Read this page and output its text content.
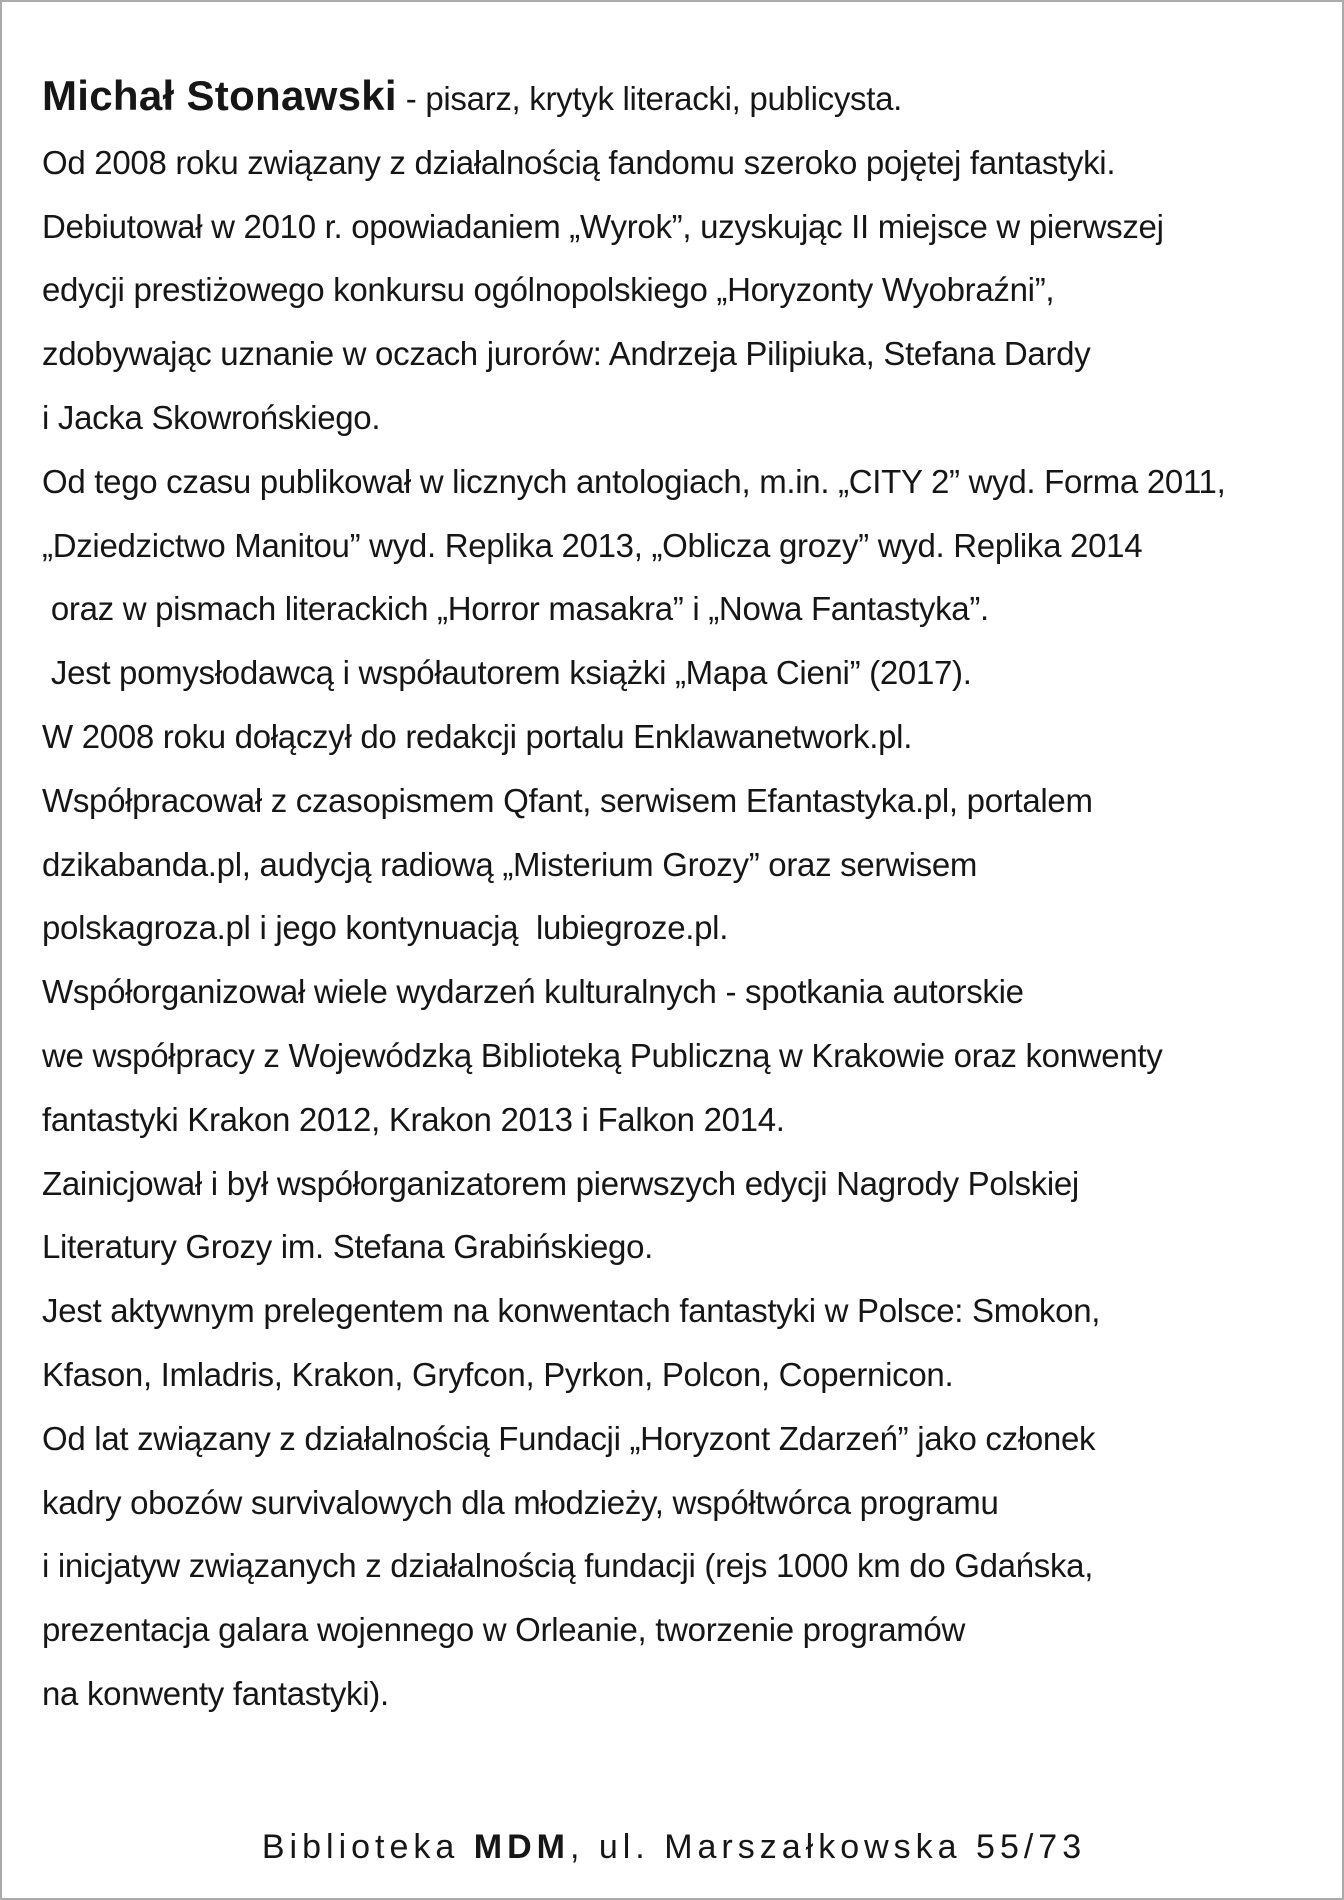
Michał Stonawski - pisarz, krytyk literacki, publicysta.
Od 2008 roku związany z działalnością fandomu szeroko pojętej fantastyki.
Debiutował w 2010 r. opowiadaniem „Wyrok”, uzyskując II miejsce w pierwszej
edycji prestiżowego konkursu ogólnopolskiego „Horyzonty Wyobraźni”,
zdobywając uznanie w oczach jurorów: Andrzeja Pilipiuka, Stefana Dardy
i Jacka Skowrońskiego.
Od tego czasu publikował w licznych antologiach, m.in. „CITY 2” wyd. Forma 2011,
„Dziedzictwo Manitou” wyd. Replika 2013, „Oblicza grozy” wyd. Replika 2014
oraz w pismach literackich „Horror masakra” i „Nowa Fantastyka”.
Jest pomysłodawcą i współautorem książki „Mapa Cieni” (2017).
W 2008 roku dołączył do redakcji portalu Enklawanetwork.pl.
Współpracował z czasopismem Qfant, serwisem Efantastyka.pl, portalem
dzikabanda.pl, audycją radiową „Misterium Grozy” oraz serwisem
polskagroza.pl i jego kontynuacją  lubiegroze.pl.
Współorganizował wiele wydarzeń kulturalnych - spotkania autorskie
we współpracy z Wojewódzką Biblioteką Publiczną w Krakowie oraz konwenty
fantastyki Krakon 2012, Krakon 2013 i Falkon 2014.
Zainicjował i był współorganizatorem pierwszych edycji Nagrody Polskiej
Literatury Grozy im. Stefana Grabińskiego.
Jest aktywnym prelegentem na konwentach fantastyki w Polsce: Smokon,
Kfason, Imladris, Krakon, Gryfcon, Pyrkon, Polcon, Copernicon.
Od lat związany z działalnością Fundacji „Horyzont Zdarzeń” jako członek
kadry obozów survivalowych dla młodzieży, współtwórca programu
i inicjatyw związanych z działalnością fundacji (rejs 1000 km do Gdańska,
prezentacja galara wojennego w Orleanie, tworzenie programów
na konwenty fantastyki).
Biblioteka MDM, ul. Marszałkowska 55/73
